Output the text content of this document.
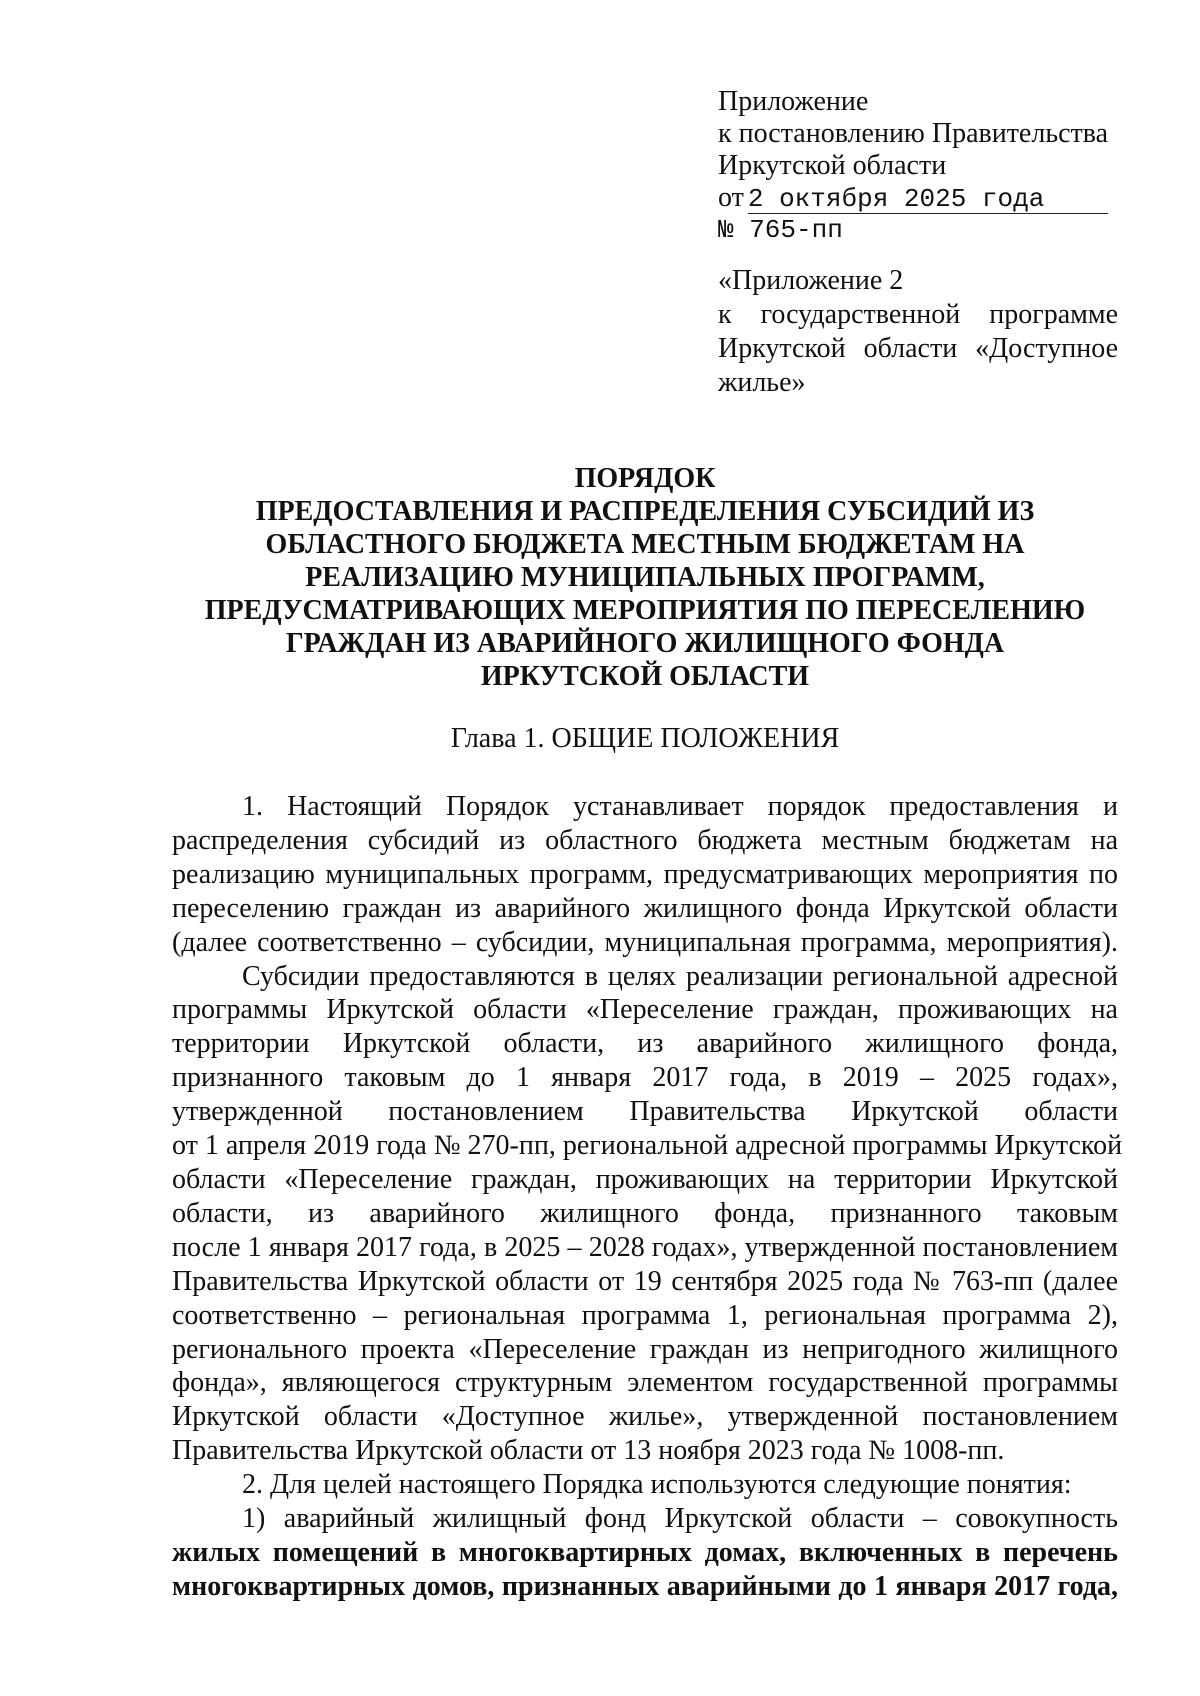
Приложение
к постановлению Правительства
Иркутской области
от 2 октября 2025 года
№ 765-пп
«Приложение 2
к государственной программе
Иркутской области «Доступное
жилье»
ПОРЯДОК
ПРЕДОСТАВЛЕНИЯ И РАСПРЕДЕЛЕНИЯ СУБСИДИЙ ИЗ
ОБЛАСТНОГО БЮДЖЕТА МЕСТНЫМ БЮДЖЕТАМ НА
РЕАЛИЗАЦИЮ МУНИЦИПАЛЬНЫХ ПРОГРАММ,
ПРЕДУСМАТРИВАЮЩИХ МЕРОПРИЯТИЯ ПО ПЕРЕСЕЛЕНИЮ
ГРАЖДАН ИЗ АВАРИЙНОГО ЖИЛИЩНОГО ФОНДА
ИРКУТСКОЙ ОБЛАСТИ
Глава 1. ОБЩИЕ ПОЛОЖЕНИЯ
1. Настоящий Порядок устанавливает порядок предоставления и
распределения субсидий из областного бюджета местным бюджетам на
реализацию муниципальных программ, предусматривающих мероприятия по
переселению граждан из аварийного жилищного фонда Иркутской области
(далее соответственно – субсидии, муниципальная программа, мероприятия).
Субсидии предоставляются в целях реализации региональной адресной
программы Иркутской области «Переселение граждан, проживающих на
территории Иркутской области, из аварийного жилищного фонда,
признанного таковым до 1 января 2017 года, в 2019 – 2025 годах»,
утвержденной постановлением Правительства Иркутской области
от 1 апреля 2019 года № 270-пп, региональной адресной программы Иркутской
области «Переселение граждан, проживающих на территории Иркутской
области, из аварийного жилищного фонда, признанного таковым
после 1 января 2017 года, в 2025 – 2028 годах», утвержденной постановлением
Правительства Иркутской области от 19 сентября 2025 года № 763-пп (далее
соответственно – региональная программа 1, региональная программа 2),
регионального проекта «Переселение граждан из непригодного жилищного
фонда», являющегося структурным элементом государственной программы
Иркутской области «Доступное жилье», утвержденной постановлением
Правительства Иркутской области от 13 ноября 2023 года № 1008-пп.
2. Для целей настоящего Порядка используются следующие понятия:
1) аварийный жилищный фонд Иркутской области – совокупность
жилых помещений в многоквартирных домах, включенных в перечень
многоквартирных домов, признанных аварийными до 1 января 2017 года,
